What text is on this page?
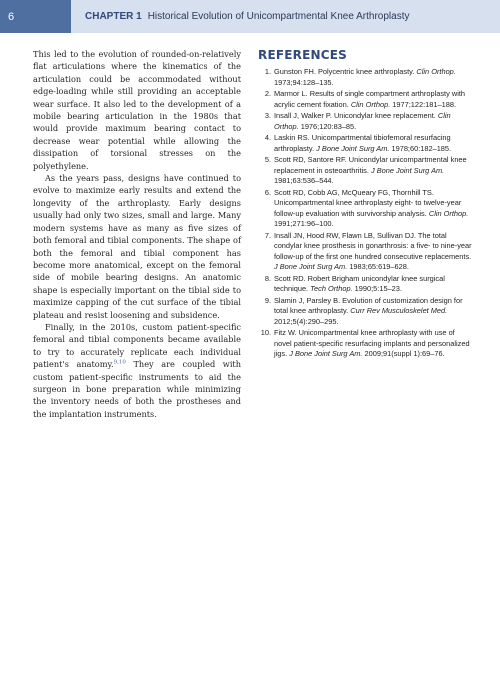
6	CHAPTER 1 Historical Evolution of Unicompartmental Knee Arthroplasty

This led to the evolution of rounded-on-relatively flat articulations where the kinematics of the articulation could be accommodated without edge-loading while still providing an acceptable wear surface. It also led to the development of a mobile bearing articulation in the 1980s that would provide maximum bearing contact to decrease wear potential while allowing the dissipation of torsional stresses on the polyethylene.

As the years pass, designs have continued to evolve to maximize early results and extend the longevity of the arthroplasty. Early designs usually had only two sizes, small and large. Many modern systems have as many as five sizes of both femoral and tibial components. The shape of both the femoral and tibial component has become more anatomical, except on the femoral side of mobile bearing designs. An anatomic shape is especially important on the tibial side to maximize capping of the cut surface of the tibial plateau and resist loosening and subsidence.

Finally, in the 2010s, custom patient-specific femoral and tibial components became available to try to accurately replicate each individual patient's anatomy.$^{9,10}$ They are coupled with custom patient-specific instruments to aid the surgeon in bone preparation while minimizing the inventory needs of both the prostheses and the implantation instruments.

REFERENCES
1. Gunston FH. Polycentric knee arthroplasty. Clin Orthop. 1973;94:128–135.
2. Marmor L. Results of single compartment arthroplasty with acrylic cement fixation. Clin Orthop. 1977;122:181–188.
3. Insall J, Walker P. Unicondylar knee replacement. Clin Orthop. 1976;120:83–85.
4. Laskin RS. Unicompartmental tibiofemoral resurfacing arthroplasty. J Bone Joint Surg Am. 1978;60:182–185.
5. Scott RD, Santore RF. Unicondylar unicompartmental knee replacement in osteoarthritis. J Bone Joint Surg Am. 1981;63:536–544.
6. Scott RD, Cobb AG, McQueary FG, Thornhill TS. Unicompartmental knee arthroplasty eight- to twelve-year follow-up evaluation with survivorship analysis. Clin Orthop. 1991;271:96–100.
7. Insall JN, Hood RW, Flawn LB, Sullivan DJ. The total condylar knee prosthesis in gonarthrosis: a five- to nine-year follow-up of the first one hundred consecutive replacements. J Bone Joint Surg Am. 1983;65:619–628.
8. Scott RD. Robert Brigham unicondylar knee surgical technique. Tech Orthop. 1990;5:15–23.
9. Slamin J, Parsley B. Evolution of customization design for total knee arthroplasty. Curr Rev Musculoskelet Med. 2012;5(4):290–295.
10. Fitz W. Unicompartmental knee arthroplasty with use of novel patient-specific resurfacing implants and personalized jigs. J Bone Joint Surg Am. 2009;91(suppl 1):69–76.
